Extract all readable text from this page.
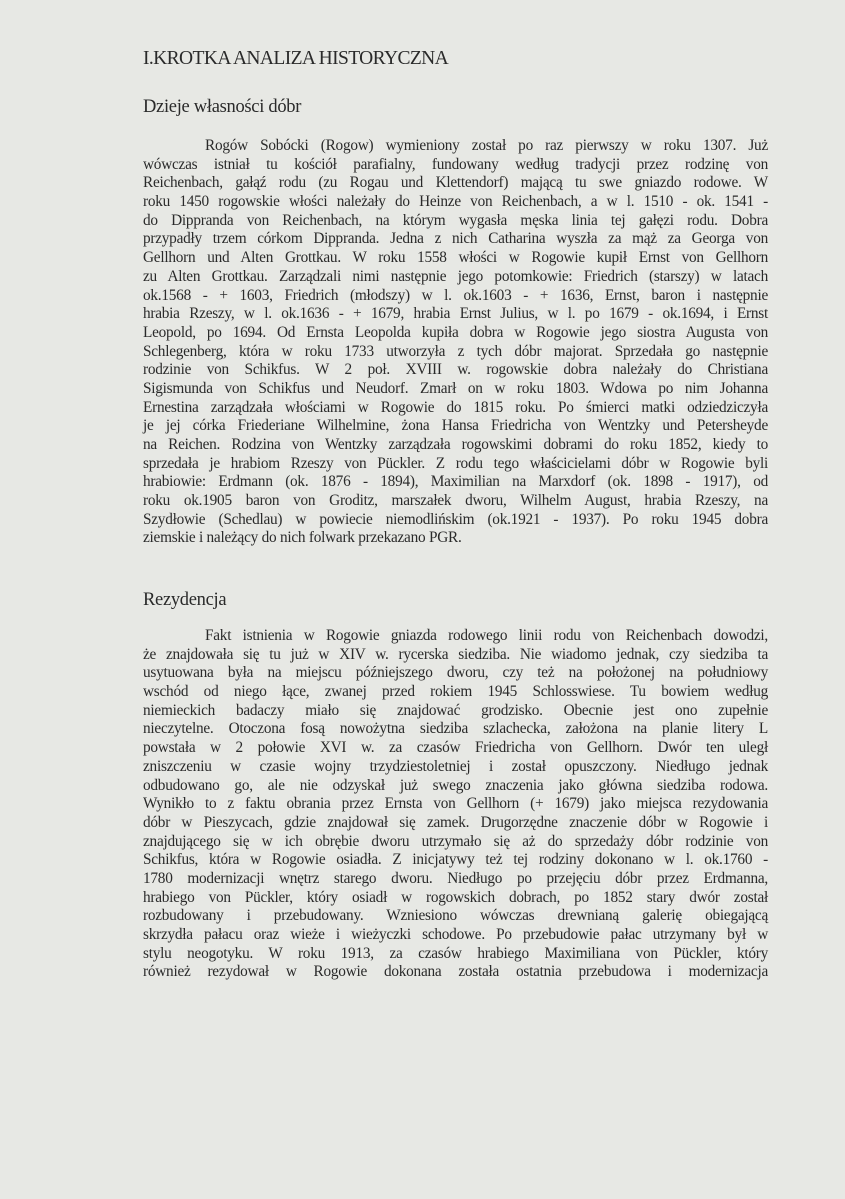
I.KROTKA ANALIZA HISTORYCZNA
Dzieje własności dóbr
Rogów Sobócki (Rogow) wymieniony został po raz pierwszy w roku 1307. Już
wówczas istniał tu kościół parafialny, fundowany według tradycji przez rodzinę von
Reichenbach, gałąź rodu (zu Rogau und Klettendorf) mającą tu swe gniazdo rodowe. W
roku 1450 rogowskie włości należały do Heinze von Reichenbach, a w l. 1510 - ok. 1541 -
do Dippranda von Reichenbach, na którym wygasła męska linia tej gałęzi rodu. Dobra
przypadły trzem córkom Dippranda. Jedna z nich Catharina wyszła za mąż za Georga von
Gellhorn und Alten Grottkau. W roku 1558 włości w Rogowie kupił Ernst von Gellhorn
zu Alten Grottkau. Zarządzali nimi następnie jego potomkowie: Friedrich (starszy) w latach
ok.1568 - + 1603, Friedrich (młodszy) w l. ok.1603 - + 1636, Ernst, baron i następnie
hrabia Rzeszy, w l. ok.1636 - + 1679, hrabia Ernst Julius, w l. po 1679 - ok.1694, i Ernst
Leopold, po 1694. Od Ernsta Leopolda kupiła dobra w Rogowie jego siostra Augusta von
Schlegenberg, która w roku 1733 utworzyła z tych dóbr majorat. Sprzedała go następnie
rodzinie von Schikfus. W 2 poł. XVIII w. rogowskie dobra należały do Christiana
Sigismunda von Schikfus und Neudorf. Zmarł on w roku 1803. Wdowa po nim Johanna
Ernestina zarządzała włościami w Rogowie do 1815 roku. Po śmierci matki odziedziczyła
je jej córka Friederiane Wilhelmine, żona Hansa Friedricha von Wentzky und Petersheyde
na Reichen. Rodzina von Wentzky zarządzała rogowskimi dobrami do roku 1852, kiedy to
sprzedała je hrabiom Rzeszy von Pückler. Z rodu tego właścicielami dóbr w Rogowie byli
hrabiowie: Erdmann (ok. 1876 - 1894), Maximilian na Marxdorf (ok. 1898 - 1917), od
roku ok.1905 baron von Groditz, marszałek dworu, Wilhelm August, hrabia Rzeszy, na
Szydłowie (Schedlau) w powiecie niemodlińskim (ok.1921 - 1937). Po roku 1945 dobra
ziemskie i należący do nich folwark przekazano PGR.
Rezydencja
Fakt istnienia w Rogowie gniazda rodowego linii rodu von Reichenbach dowodzi,
że znajdowała się tu już w XIV w. rycerska siedziba. Nie wiadomo jednak, czy siedziba ta
usytuowana była na miejscu późniejszego dworu, czy też na położonej na południowy
wschód od niego łące, zwanej przed rokiem 1945 Schlosswiese. Tu bowiem według
niemieckich badaczy miało się znajdować grodzisko. Obecnie jest ono zupełnie
nieczytelne. Otoczona fosą nowożytna siedziba szlachecka, założona na planie litery L
powstała w 2 połowie XVI w. za czasów Friedricha von Gellhorn. Dwór ten uległ
zniszczeniu w czasie wojny trzydziestoletniej i został opuszczony. Niedługo jednak
odbudowano go, ale nie odzyskał już swego znaczenia jako główna siedziba rodowa.
Wynikło to z faktu obrania przez Ernsta von Gellhorn (+ 1679) jako miejsca rezydowania
dóbr w Pieszycach, gdzie znajdował się zamek. Drugorzędne znaczenie dóbr w Rogowie i
znajdującego się w ich obrębie dworu utrzymało się aż do sprzedaży dóbr rodzinie von
Schikfus, która w Rogowie osiadła. Z inicjatywy też tej rodziny dokonano w l. ok.1760 -
1780 modernizacji wnętrz starego dworu. Niedługo po przejęciu dóbr przez Erdmanna,
hrabiego von Pückler, który osiadł w rogowskich dobrach, po 1852 stary dwór został
rozbudowany i przebudowany. Wzniesiono wówczas drewnianą galerię obiegającą
skrzydła pałacu oraz wieże i wieżyczki schodowe. Po przebudowie pałac utrzymany był w
stylu neogotyku. W roku 1913, za czasów hrabiego Maximiliana von Pückler, który
również rezydował w Rogowie dokonana została ostatnia przebudowa i modernizacja
